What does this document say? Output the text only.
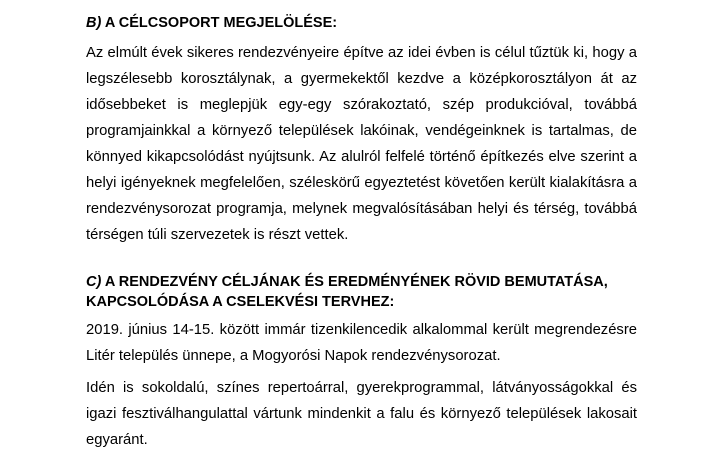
B) A CÉLCSOPORT MEGJELÖLÉSE:

Az elmúlt évek sikeres rendezvényeire építve az idei évben is célul tűztük ki, hogy a legszélesebb korosztálynak, a gyermekektől kezdve a középkorosztályon át az idősebbeket is meglepjük egy-egy szórakoztató, szép produkcióval, továbbá programjainkkal a környező települések lakóinak, vendégeinknek is tartalmas, de könnyed kikapcsolódást nyújtsunk. Az alulról felfelé történő építkezés elve szerint a helyi igényeknek megfelelően, széleskörű egyeztetést követően került kialakításra a rendezvénysorozat programja, melynek megvalósításában helyi és térség, továbbá térségen túli szervezetek is részt vettek.

C) A RENDEZVÉNY CÉLJÁNAK ÉS EREDMÉNYÉNEK RÖVID BEMUTATÁSA, KAPCSOLÓDÁSA A CSELEKVÉSI TERVHEZ:

2019. június 14-15. között immár tizenkilencedik alkalommal került megrendezésre Litér település ünnepe, a Mogyorósi Napok rendezvénysorozat.

Idén is sokoldalú, színes repertoárral, gyerekprogrammal, látványosságokkal és igazi fesztiválhangulattal vártunk mindenkit a falu és környező települések lakosait egyaránt.
